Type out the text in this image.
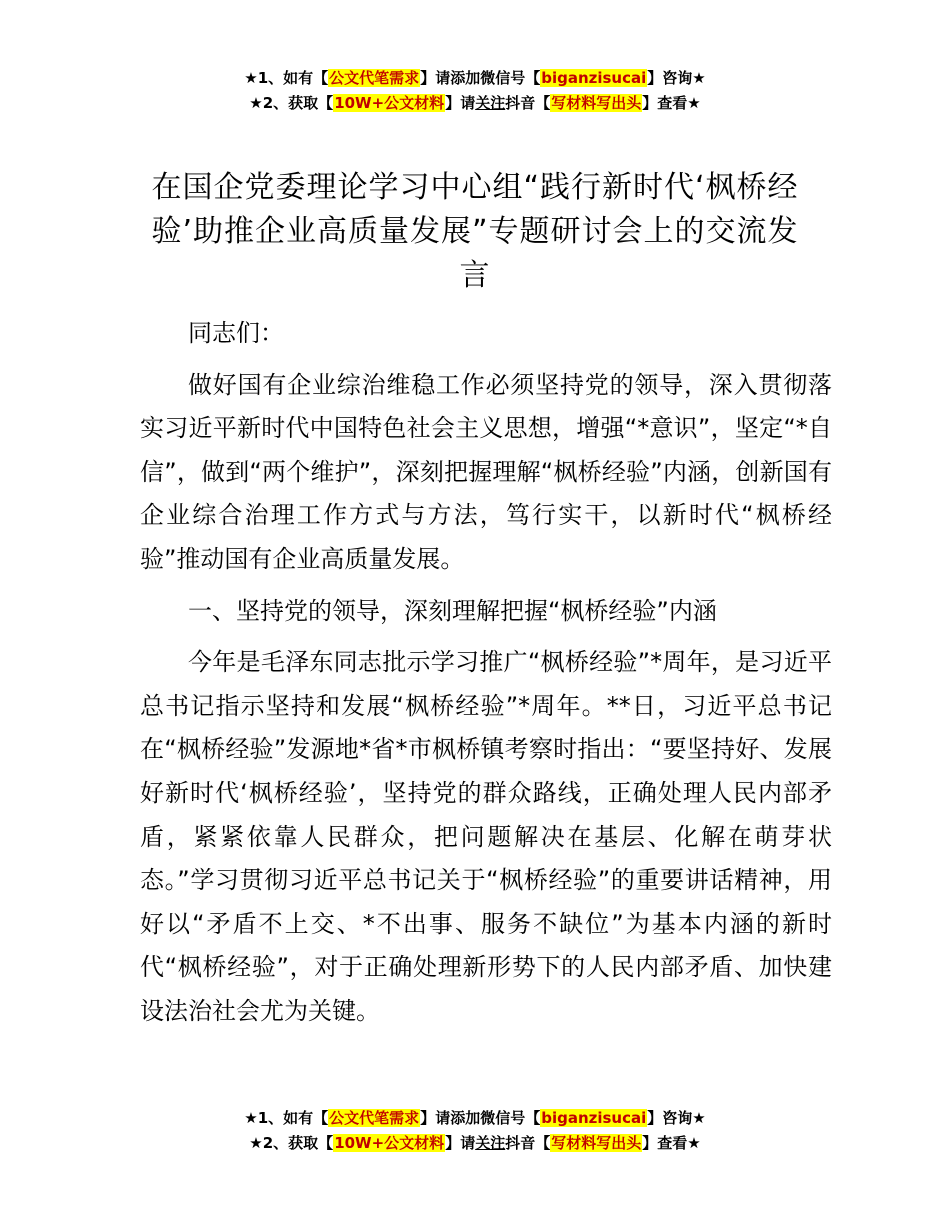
★1、如有【公文代笔需求】请添加微信号【biganzisucai】咨询★
★2、获取【10W+公文材料】请关注抖音【写材料写出头】查看★
在国企党委理论学习中心组“践行新时代‘枫桥经验’助推企业高质量发展”专题研讨会上的交流发言

同志们：

做好国有企业综治维稳工作必须坚持党的领导，深入贯彻落实习近平新时代中国特色社会主义思想，增强“*意识”，坚定“*自信”，做到“两个维护”，深刻把握理解“枫桥经验”内涵，创新国有企业综合治理工作方式与方法，笃行实干，以新时代“枫桥经验”推动国有企业高质量发展。

一、坚持党的领导，深刻理解把握“枫桥经验”内涵

今年是毛泽东同志批示学习推广“枫桥经验”*周年，是习近平总书记指示坚持和发展“枫桥经验”*周年。**日，习近平总书记在“枫桥经验”发源地*省*市枫桥镇考察时指出：“要坚持好、发展好新时代‘枫桥经验’，坚持党的群众路线，正确处理人民内部矛盾，紧紧依靠人民群众，把问题解决在基层、化解在萌芽状态。”学习贯彻习近平总书记关于“枫桥经验”的重要讲话精神，用好以“矛盾不上交、*不出事、服务不缺位”为基本内涵的新时代“枫桥经验”，对于正确处理新形势下的人民内部矛盾、加快建设法治社会尤为关键。

★1、如有【公文代笔需求】请添加微信号【biganzisucai】咨询★
★2、获取【10W+公文材料】请关注抖音【写材料写出头】查看★
